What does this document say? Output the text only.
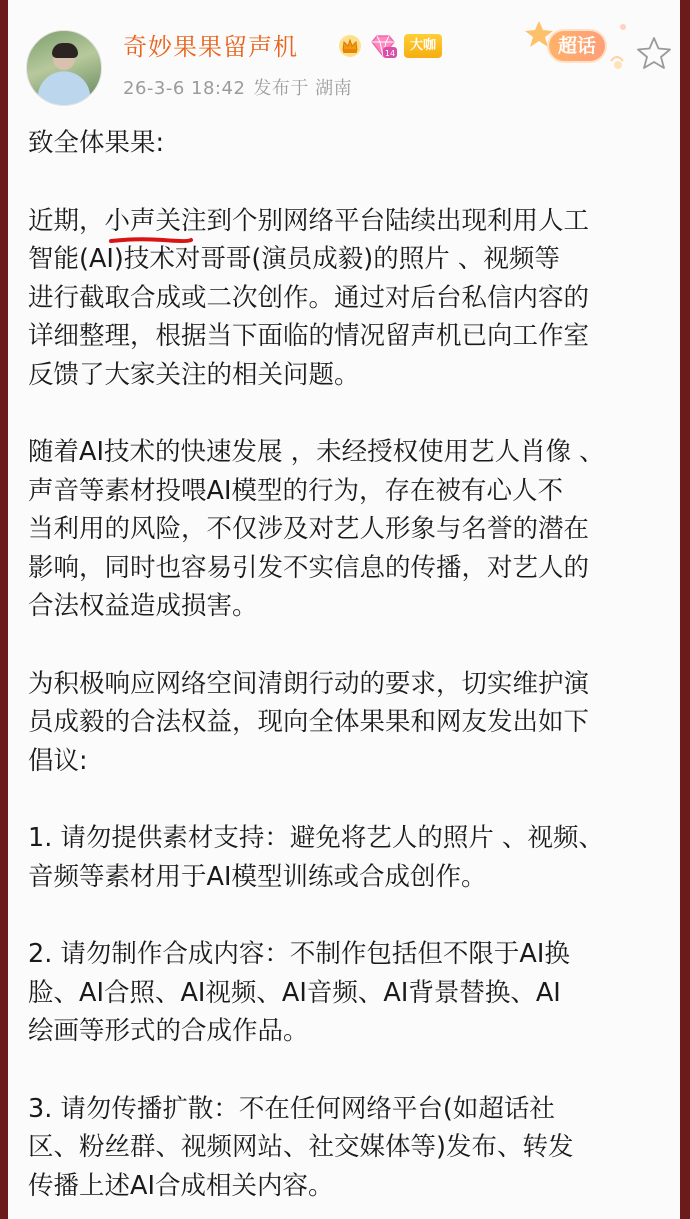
奇妙果果留声机	14
大咖
26-3-6 18:42 发布于 湖南
超话

致全体果果:

近期，小声关注到个别网络平台陆续出现利用人工
智能(AI)技术对哥哥(演员成毅)的照片 、视频等
进行截取合成或二次创作。通过对后台私信内容的
详细整理，根据当下面临的情况留声机已向工作室
反馈了大家关注的相关问题。

随着AI技术的快速发展 ，未经授权使用艺人肖像 、
声音等素材投喂AI模型的行为，存在被有心人不
当利用的风险，不仅涉及对艺人形象与名誉的潜在
影响，同时也容易引发不实信息的传播，对艺人的
合法权益造成损害。

为积极响应网络空间清朗行动的要求，切实维护演
员成毅的合法权益，现向全体果果和网友发出如下
倡议:

1. 请勿提供素材支持：避免将艺人的照片 、视频、
音频等素材用于AI模型训练或合成创作。

2. 请勿制作合成内容：不制作包括但不限于AI换
脸、AI合照、AI视频、AI音频、AI背景替换、AI
绘画等形式的合成作品。

3. 请勿传播扩散：不在任何网络平台(如超话社
区、粉丝群、视频网站、社交媒体等)发布、转发
传播上述AI合成相关内容。
